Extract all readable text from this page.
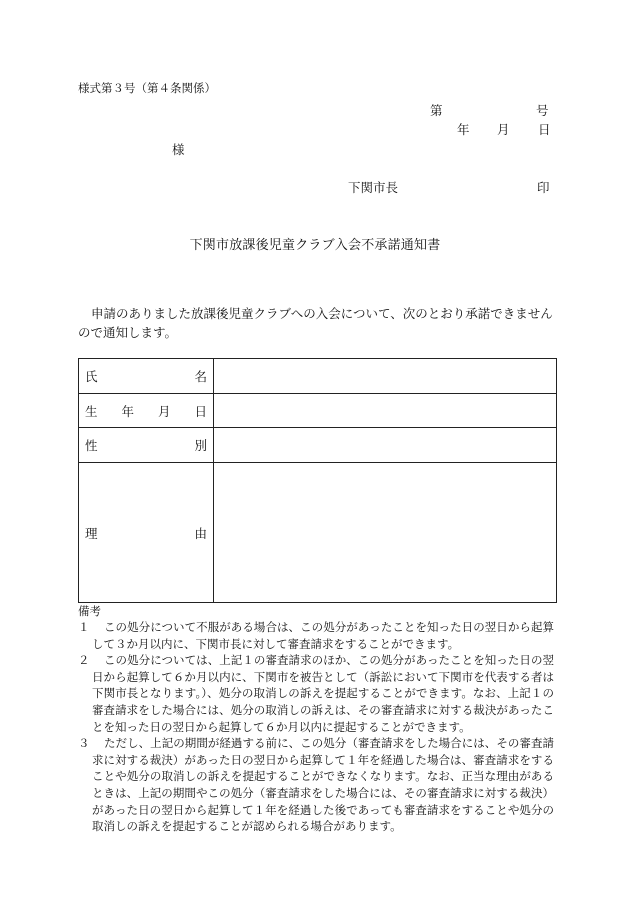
様式第３号（第４条関係）
第	号
年 月 日
様
下関市長	印
下関市放課後児童クラブ入会不承諾通知書
申請のありました放課後児童クラブへの入会について、次のとおり承諾できませんので通知します。
氏 名	

生 年 月 日	

性 別	

理 由	

備考
１	この処分について不服がある場合は、この処分があったことを知った日の翌日から起算して３か月以内に、下関市長に対して審査請求をすることができます。
２	この処分については、上記１の審査請求のほか、この処分があったことを知った日の翌日から起算して６か月以内に、下関市を被告として（訴訟において下関市を代表する者は下関市長となります。）、処分の取消しの訴えを提起することができます。なお、上記１の審査請求をした場合には、処分の取消しの訴えは、その審査請求に対する裁決があったことを知った日の翌日から起算して６か月以内に提起することができます。
３	ただし、上記の期間が経過する前に、この処分（審査請求をした場合には、その審査請求に対する裁決）があった日の翌日から起算して１年を経過した場合は、審査請求をすることや処分の取消しの訴えを提起することができなくなります。なお、正当な理由があるときは、上記の期間やこの処分（審査請求をした場合には、その審査請求に対する裁決）があった日の翌日から起算して１年を経過した後であっても審査請求をすることや処分の取消しの訴えを提起することが認められる場合があります。
